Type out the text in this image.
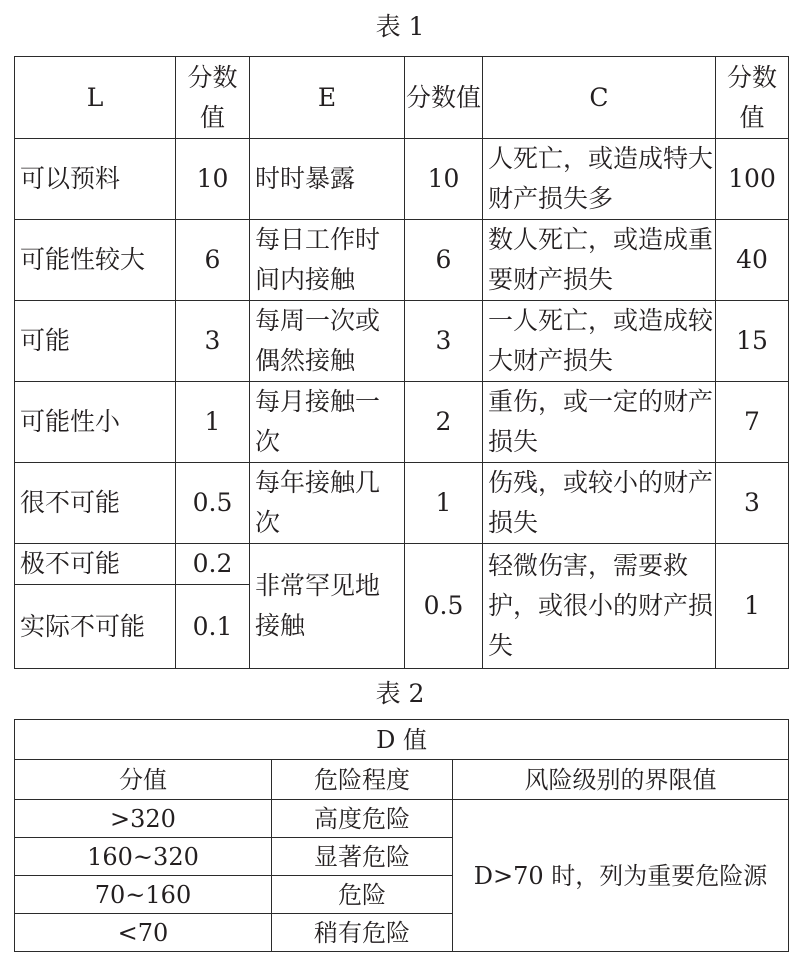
表 1
L	分数值	E	分数值	C	分数值
可以预料	10	时时暴露	10	人死亡，或造成特大财产损失多	100
可能性较大	6	每日工作时间内接触	6	数人死亡，或造成重要财产损失	40
可能	3	每周一次或偶然接触	3	一人死亡，或造成较大财产损失	15
可能性小	1	每月接触一次	2	重伤，或一定的财产损失	7
很不可能	0.5	每年接触几次	1	伤残，或较小的财产损失	3
极不可能	0.2	非常罕见地接触	0.5	轻微伤害，需要救护，或很小的财产损失	1
实际不可能	0.1				
表 2
D 值		
分值	危险程度	风险级别的界限值
>320	高度危险	D>70 时，列为重要危险源
160~320	显著危险	
70~160	危险	
<70	稍有危险	
